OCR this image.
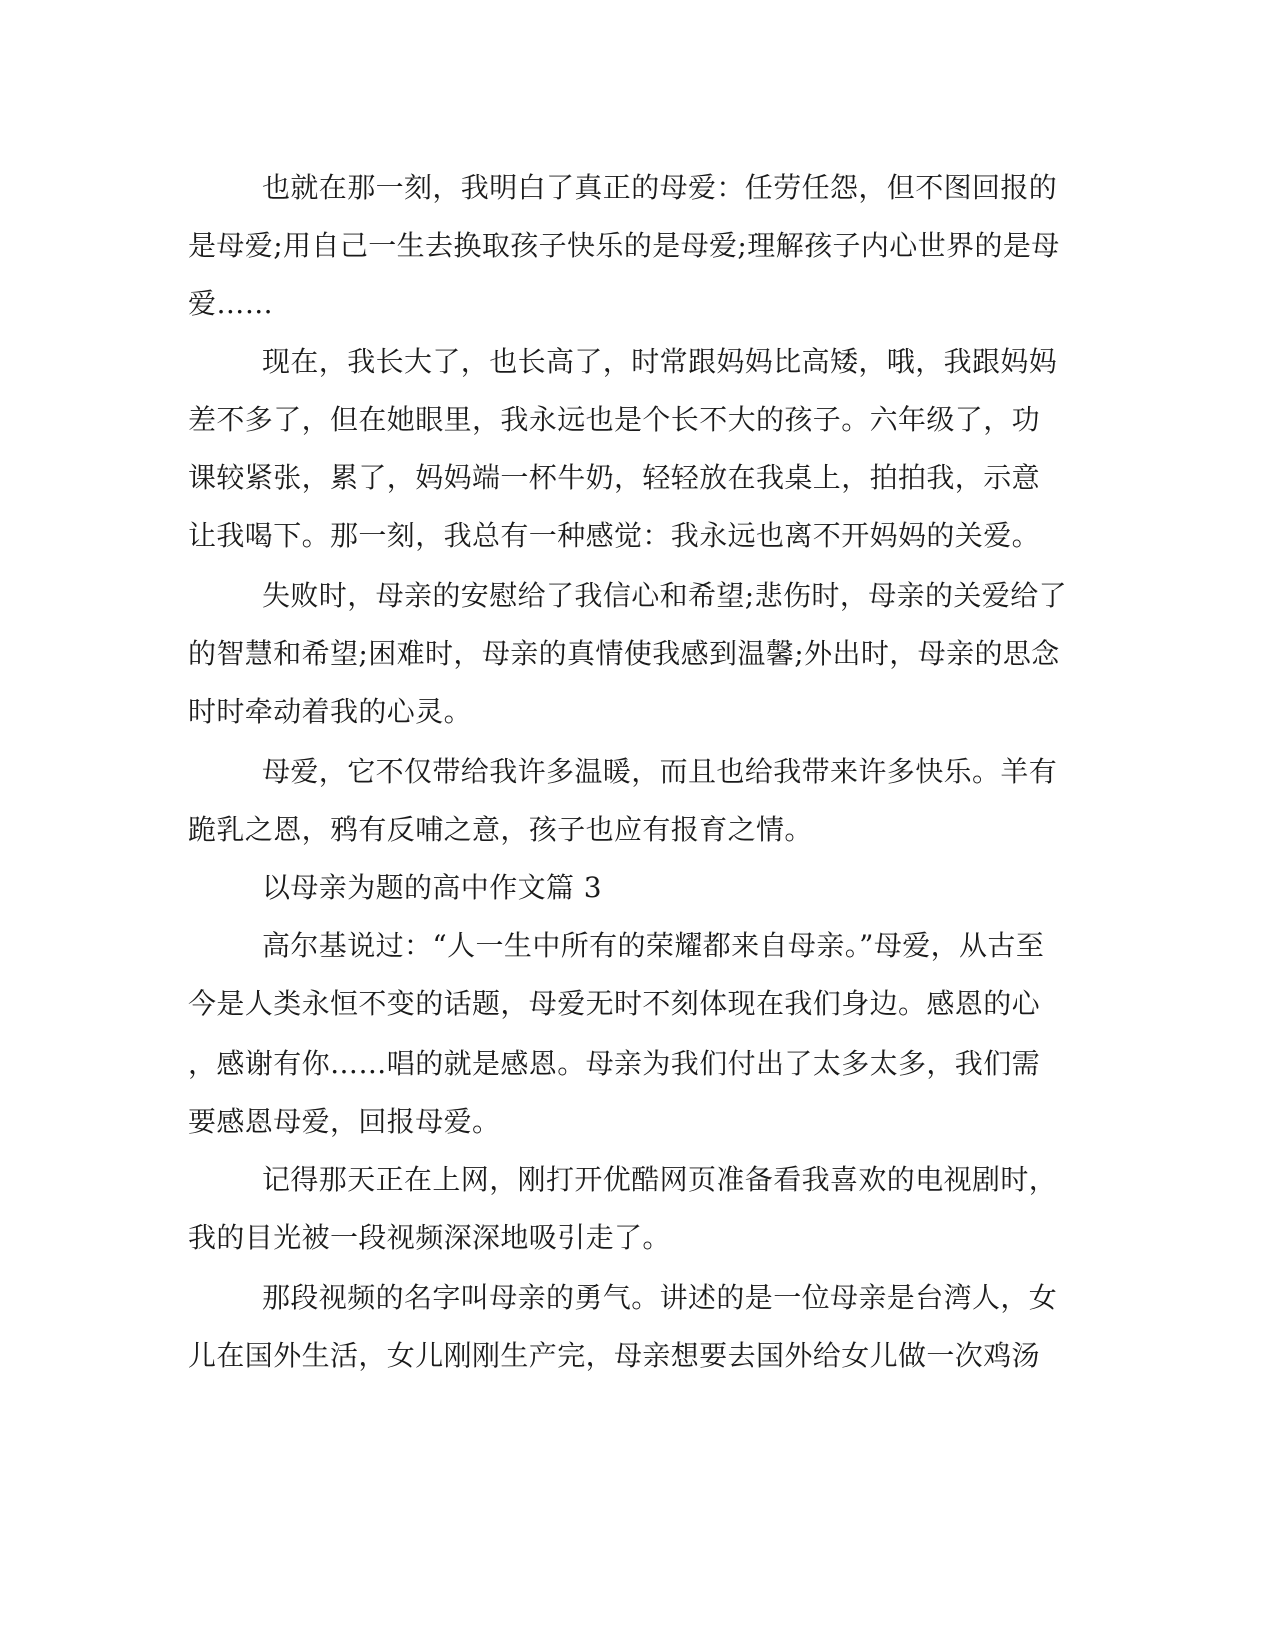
也就在那一刻，我明白了真正的母爱：任劳任怨，但不图回报的

是母爱;用自己一生去换取孩子快乐的是母爱;理解孩子内心世界的是母

爱……

现在，我长大了，也长高了，时常跟妈妈比高矮，哦，我跟妈妈

差不多了，但在她眼里，我永远也是个长不大的孩子。六年级了，功

课较紧张，累了，妈妈端一杯牛奶，轻轻放在我桌上，拍拍我，示意

让我喝下。那一刻，我总有一种感觉：我永远也离不开妈妈的关爱。

失败时，母亲的安慰给了我信心和希望;悲伤时，母亲的关爱给了

的智慧和希望;困难时，母亲的真情使我感到温馨;外出时，母亲的思念

时时牵动着我的心灵。

母爱，它不仅带给我许多温暖，而且也给我带来许多快乐。羊有

跪乳之恩，鸦有反哺之意，孩子也应有报育之情。

以母亲为题的高中作文篇 3

高尔基说过：“人一生中所有的荣耀都来自母亲。”母爱，从古至

今是人类永恒不变的话题，母爱无时不刻体现在我们身边。感恩的心

，感谢有你……唱的就是感恩。母亲为我们付出了太多太多，我们需

要感恩母爱，回报母爱。

记得那天正在上网，刚打开优酷网页准备看我喜欢的电视剧时，

我的目光被一段视频深深地吸引走了。

那段视频的名字叫母亲的勇气。讲述的是一位母亲是台湾人，女

儿在国外生活，女儿刚刚生产完，母亲想要去国外给女儿做一次鸡汤
